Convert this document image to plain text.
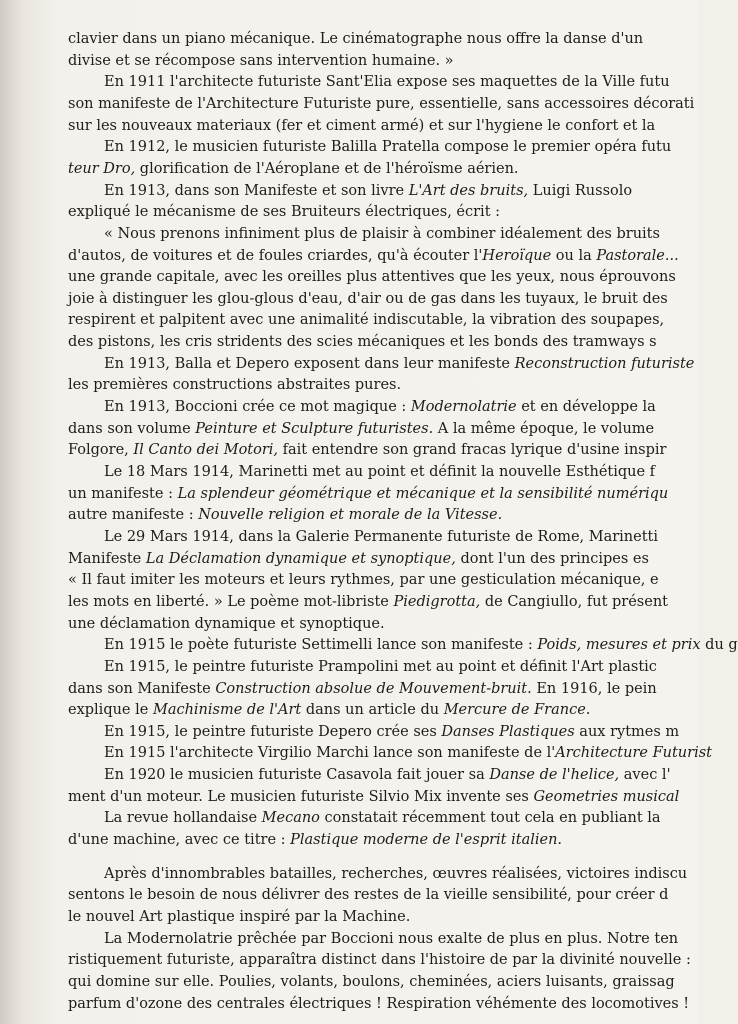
clavier dans un piano mécanique. Le cinématographe nous offre la danse d'un
divise et se récompose sans intervention humaine. »
En 1911 l'architecte futuriste Sant'Elia expose ses maquettes de la Ville futu
son manifeste de l'Architecture Futuriste pure, essentielle, sans accessoires décorati
sur les nouveaux materiaux (fer et ciment armé) et sur l'hygiene le confort et la
En 1912, le musicien futuriste Balilla Pratella compose le premier opéra futu
teur Dro, glorification de l'Aéroplane et de l'héroïsme aérien.
En 1913, dans son Manifeste et son livre L'Art des bruits, Luigi Russolo
expliqué le mécanisme de ses Bruiteurs électriques, écrit :
« Nous prenons infiniment plus de plaisir à combiner idéalement des bruits
d'autos, de voitures et de foules criardes, qu'à écouter l'Heroïque ou la Pastorale...
une grande capitale, avec les oreilles plus attentives que les yeux, nous éprouvons
joie à distinguer les glou-glous d'eau, d'air ou de gas dans les tuyaux, le bruit des
respirent et palpitent avec une animalité indiscutable, la vibration des soupapes,
des pistons, les cris stridents des scies mécaniques et les bonds des tramways s
En 1913, Balla et Depero exposent dans leur manifeste Reconstruction futuriste
les premières constructions abstraites pures.
En 1913, Boccioni crée ce mot magique : Modernolatrie et en développe la
dans son volume Peinture et Sculpture futuristes. A la même époque, le volume
Folgore, Il Canto dei Motori, fait entendre son grand fracas lyrique d'usine inspir
Le 18 Mars 1914, Marinetti met au point et définit la nouvelle Esthétique f
un manifeste : La splendeur géométrique et mécanique et la sensibilité numériqu
autre manifeste : Nouvelle religion et morale de la Vitesse.
Le 29 Mars 1914, dans la Galerie Permanente futuriste de Rome, Marinetti
Manifeste La Déclamation dynamique et synoptique, dont l'un des principes es
« Il faut imiter les moteurs et leurs rythmes, par une gesticulation mécanique, e
les mots en liberté. » Le poème mot-libriste Piedigrotta, de Cangiullo, fut présent
une déclamation dynamique et synoptique.
En 1915 le poète futuriste Settimelli lance son manifeste : Poids, mesures et prix du g
En 1915, le peintre futuriste Prampolini met au point et définit l'Art plastic
dans son Manifeste Construction absolue de Mouvement-bruit. En 1916, le pein
explique le Machinisme de l'Art dans un article du Mercure de France.
En 1915, le peintre futuriste Depero crée ses Danses Plastiques aux rytmes m
En 1915 l'architecte Virgilio Marchi lance son manifeste de l'Architecture Futurist
En 1920 le musicien futuriste Casavola fait jouer sa Danse de l'helice, avec l'
ment d'un moteur. Le musicien futuriste Silvio Mix invente ses Geometries musical
La revue hollandaise Mecano constatait récemment tout cela en publiant la
d'une machine, avec ce titre : Plastique moderne de l'esprit italien.
Après d'innombrables batailles, recherches, œuvres réalisées, victoires indiscu
sentons le besoin de nous délivrer des restes de la vieille sensibilité, pour créer d
le nouvel Art plastique inspiré par la Machine.
La Modernolatrie prêchée par Boccioni nous exalte de plus en plus. Notre ten
ristiquement futuriste, apparaîtra distinct dans l'histoire de par la divinité nouvelle :
qui domine sur elle. Poulies, volants, boulons, cheminées, aciers luisants, graissag
parfum d'ozone des centrales électriques ! Respiration véhémente des locomotives !
